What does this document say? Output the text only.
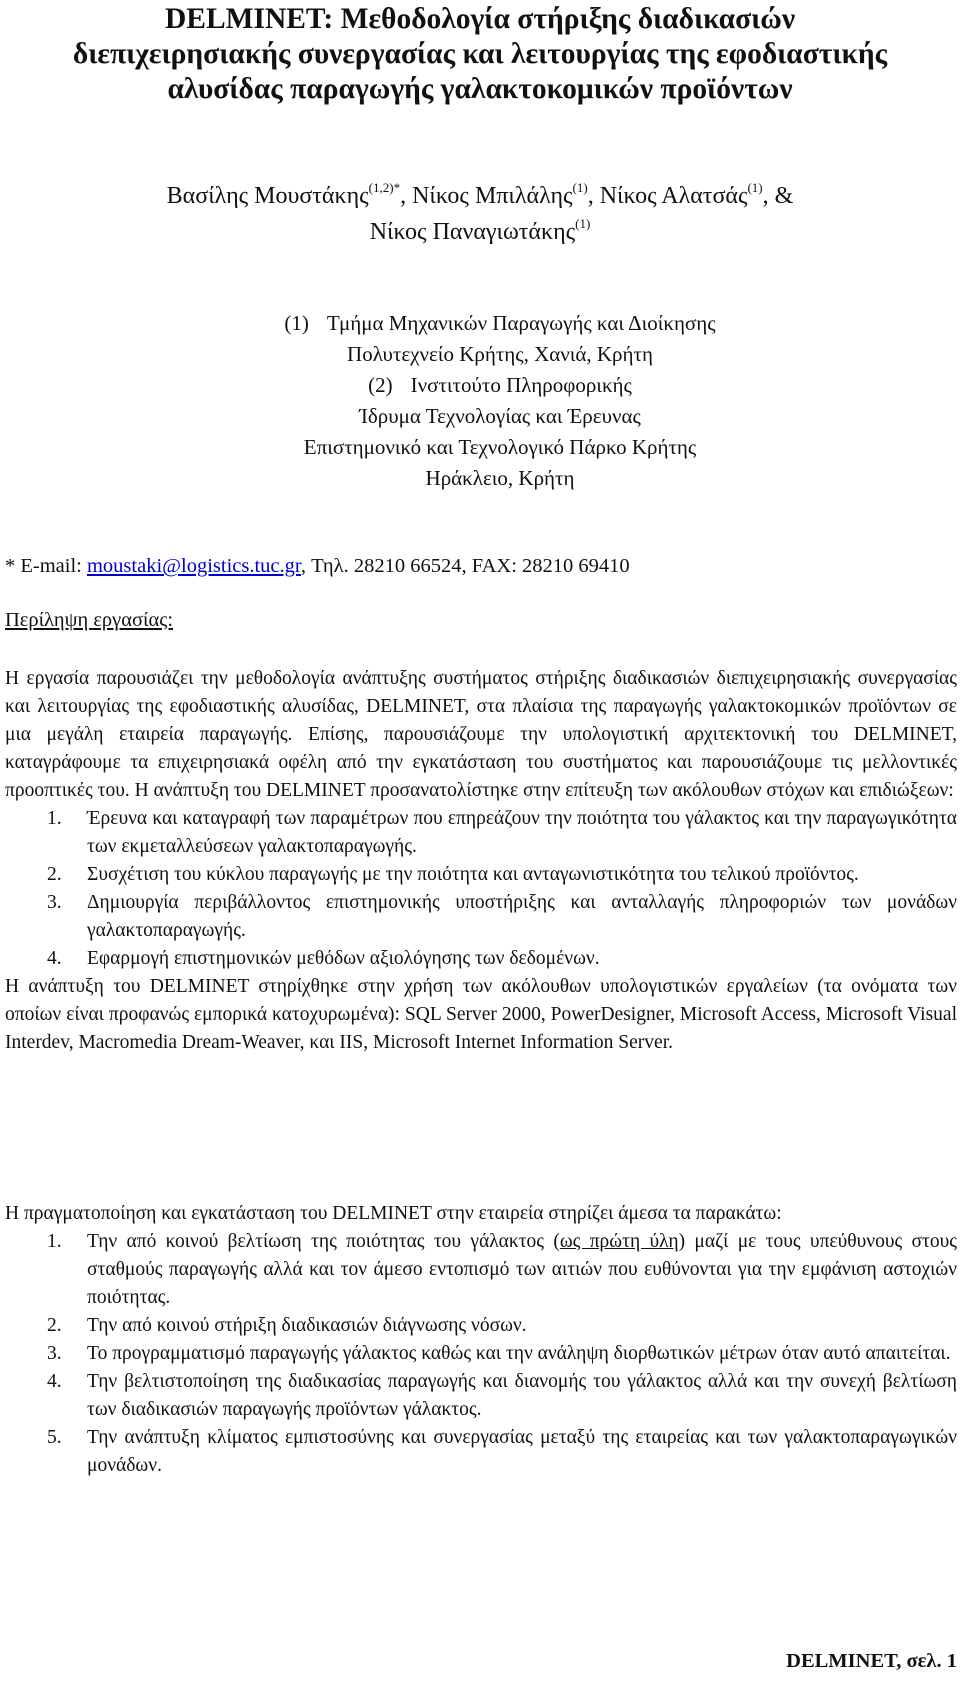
DELMINET: Μεθοδολογία στήριξης διαδικασιών
διεπιχειρησιακής συνεργασίας και λειτουργίας της εφοδιαστικής
αλυσίδας παραγωγής γαλακτοκομικών προϊόντων
Βασίλης Μουστάκης$^{(1,2)*}$, Νίκος Μπιλάλης$^{(1)}$, Νίκος Αλατσάς$^{(1)}$, &
Νίκος Παναγιωτάκης$^{(1)}$
(1) Τμήμα Μηχανικών Παραγωγής και Διοίκησης
Πολυτεχνείο Κρήτης, Χανιά, Κρήτη
(2) Ινστιτούτο Πληροφορικής
Ίδρυμα Τεχνολογίας και Έρευνας
Επιστημονικό και Τεχνολογικό Πάρκο Κρήτης
Ηράκλειο, Κρήτη
* E-mail: moustaki@logistics.tuc.gr, Τηλ. 28210 66524, FAX: 28210 69410
Περίληψη εργασίας:

Η εργασία παρουσιάζει την μεθοδολογία ανάπτυξης συστήματος στήριξης διαδικασιών διεπιχειρησιακής συνεργασίας και λειτουργίας της εφοδιαστικής αλυσίδας, DELMINET, στα πλαίσια της παραγωγής γαλακτοκομικών προϊόντων σε μια μεγάλη εταιρεία παραγωγής. Επίσης, παρουσιάζουμε την υπολογιστική αρχιτεκτονική του DELMINET, καταγράφουμε τα επιχειρησιακά οφέλη από την εγκατάσταση του συστήματος και παρουσιάζουμε τις μελλοντικές προοπτικές του. Η ανάπτυξη του DELMINET προσανατολίστηκε στην επίτευξη των ακόλουθων στόχων και επιδιώξεων:

1. Έρευνα και καταγραφή των παραμέτρων που επηρεάζουν την ποιότητα του γάλακτος και την παραγωγικότητα των εκμεταλλεύσεων γαλακτοπαραγωγής.
2. Συσχέτιση του κύκλου παραγωγής με την ποιότητα και ανταγωνιστικότητα του τελικού προϊόντος.
3. Δημιουργία περιβάλλοντος επιστημονικής υποστήριξης και ανταλλαγής πληροφοριών των μονάδων γαλακτοπαραγωγής.
4. Εφαρμογή επιστημονικών μεθόδων αξιολόγησης των δεδομένων.

Η ανάπτυξη του DELMINET στηρίχθηκε στην χρήση των ακόλουθων υπολογιστικών εργαλείων (τα ονόματα των οποίων είναι προφανώς εμπορικά κατοχυρωμένα): SQL Server 2000, PowerDesigner, Microsoft Access, Microsoft Visual Interdev, Macromedia Dream-Weaver, και IIS, Microsoft Internet Information Server.

Η πραγματοποίηση και εγκατάσταση του DELMINET στην εταιρεία στηρίζει άμεσα τα παρακάτω:

1. Την από κοινού βελτίωση της ποιότητας του γάλακτος (ως πρώτη ύλη) μαζί με τους υπεύθυνους στους σταθμούς παραγωγής αλλά και τον άμεσο εντοπισμό των αιτιών που ευθύνονται για την εμφάνιση αστοχιών ποιότητας.
2. Την από κοινού στήριξη διαδικασιών διάγνωσης νόσων.
3. Το προγραμματισμό παραγωγής γάλακτος καθώς και την ανάληψη διορθωτικών μέτρων όταν αυτό απαιτείται.
4. Την βελτιστοποίηση της διαδικασίας παραγωγής και διανομής του γάλακτος αλλά και την συνεχή βελτίωση των διαδικασιών παραγωγής προϊόντων γάλακτος.
5. Την ανάπτυξη κλίματος εμπιστοσύνης και συνεργασίας μεταξύ της εταιρείας και των γαλακτοπαραγωγικών μονάδων.
DELMINET, σελ. 1
